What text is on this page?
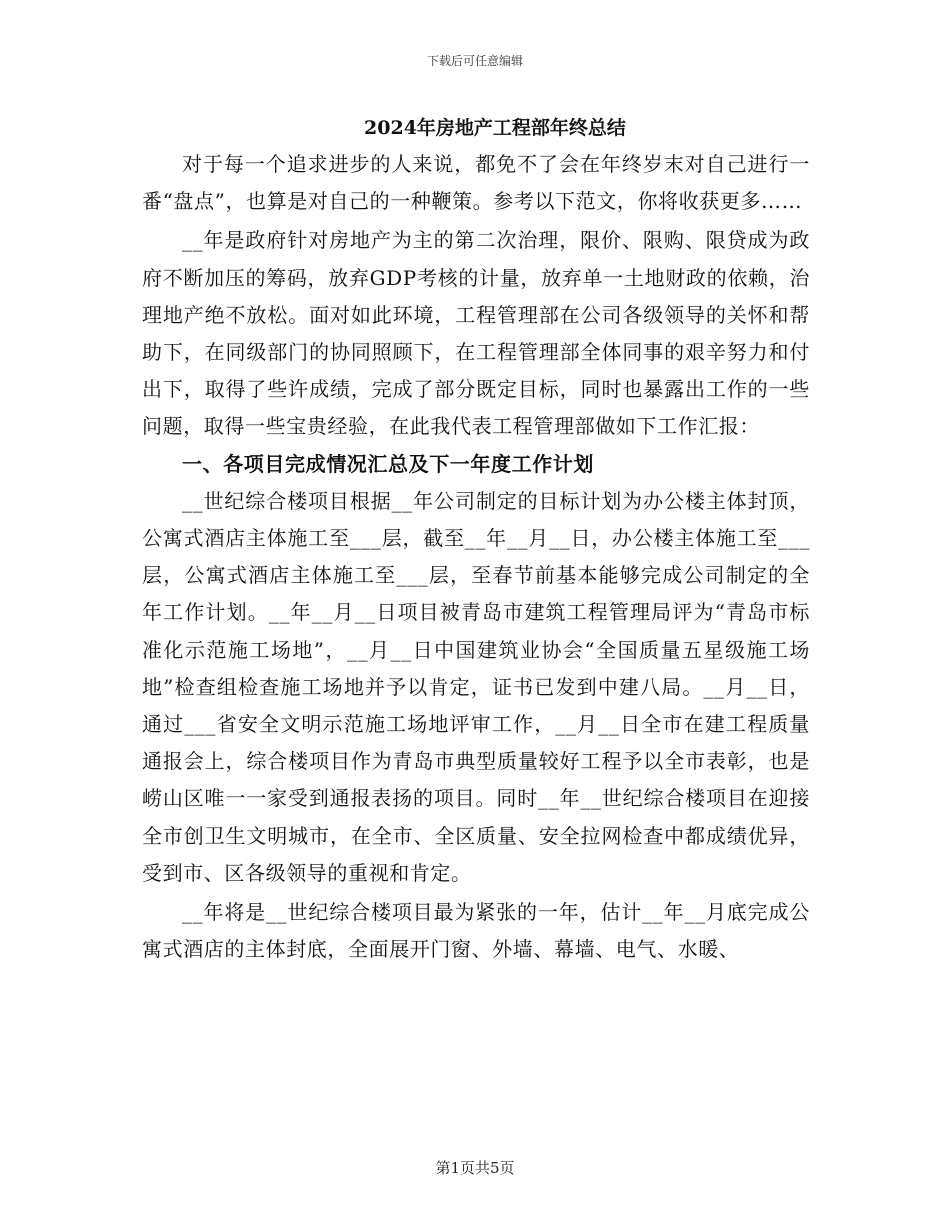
下载后可任意编辑
2024年房地产工程部年终总结

对于每一个追求进步的人来说，都免不了会在年终岁末对自己进行一番“盘点”，也算是对自己的一种鞭策。参考以下范文，你将收获更多……

__年是政府针对房地产为主的第二次治理，限价、限购、限贷成为政府不断加压的筹码，放弃GDP考核的计量，放弃单一土地财政的依赖，治理地产绝不放松。面对如此环境，工程管理部在公司各级领导的关怀和帮助下，在同级部门的协同照顾下，在工程管理部全体同事的艰辛努力和付出下，取得了些许成绩，完成了部分既定目标，同时也暴露出工作的一些问题，取得一些宝贵经验，在此我代表工程管理部做如下工作汇报：

一、各项目完成情况汇总及下一年度工作计划

__世纪综合楼项目根据__年公司制定的目标计划为办公楼主体封顶，公寓式酒店主体施工至___层，截至__年__月__日，办公楼主体施工至___层，公寓式酒店主体施工至___层，至春节前基本能够完成公司制定的全年工作计划。__年__月__日项目被青岛市建筑工程管理局评为“青岛市标准化示范施工场地”，__月__日中国建筑业协会“全国质量五星级施工场地”检查组检查施工场地并予以肯定，证书已发到中建八局。__月__日，通过___省安全文明示范施工场地评审工作，__月__日全市在建工程质量通报会上，综合楼项目作为青岛市典型质量较好工程予以全市表彰，也是崂山区唯一一家受到通报表扬的项目。同时__年__世纪综合楼项目在迎接全市创卫生文明城市，在全市、全区质量、安全拉网检查中都成绩优异，受到市、区各级领导的重视和肯定。

__年将是__世纪综合楼项目最为紧张的一年，估计__年__月底完成公寓式酒店的主体封底，全面展开门窗、外墙、幕墙、电气、水暖、

第1页共5页
